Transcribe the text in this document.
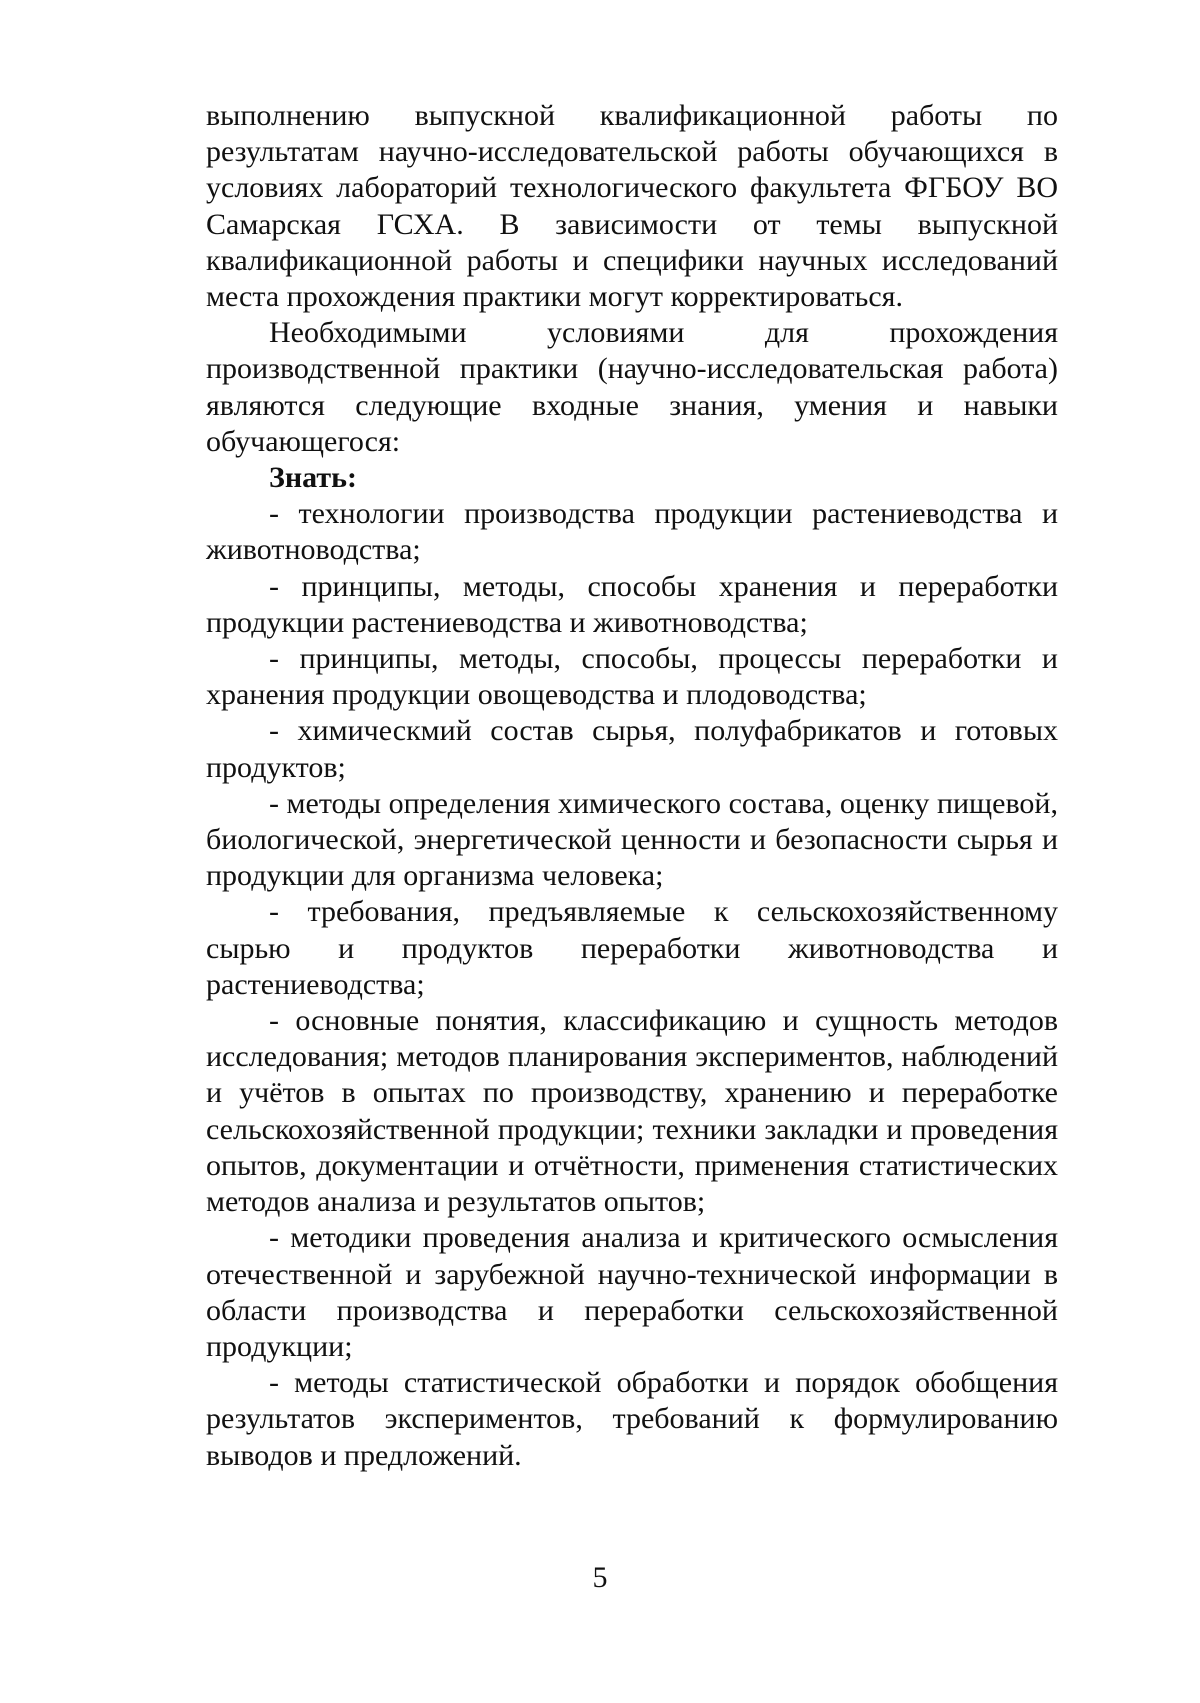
выполнению выпускной квалификационной работы по результатам научно-исследовательской работы обучающихся в условиях лабораторий технологического факультета ФГБОУ ВО Самарская ГСХА. В зависимости от темы выпускной квалификационной работы и специфики научных исследований места прохождения практики могут корректироваться.

Необходимыми условиями для прохождения производственной практики (научно-исследовательская работа) являются следующие входные знания, умения и навыки обучающегося:

Знать:

- технологии производства продукции растениеводства и животноводства;

- принципы, методы, способы хранения и переработки продукции растениеводства и животноводства;

- принципы, методы, способы, процессы переработки и хранения продукции овощеводства и плодоводства;

- химическмий состав сырья, полуфабрикатов и готовых продуктов;

- методы определения химического состава, оценку пищевой, биологической, энергетической ценности и безопасности сырья и продукции для организма человека;

- требования, предъявляемые к сельскохозяйственному сырью и продуктов переработки животноводства и растениеводства;

- основные понятия, классификацию и сущность методов исследования; методов планирования экспериментов, наблюдений и учётов в опытах по производству, хранению и переработке сельскохозяйственной продукции; техники закладки и проведения опытов, документации и отчётности, применения статистических методов анализа и результатов опытов;

- методики проведения анализа и критического осмысления отечественной и зарубежной научно-технической информации в области производства и переработки сельскохозяйственной продукции;

- методы статистической обработки и порядок обобщения результатов экспериментов, требований к формулированию выводов и предложений.

5
